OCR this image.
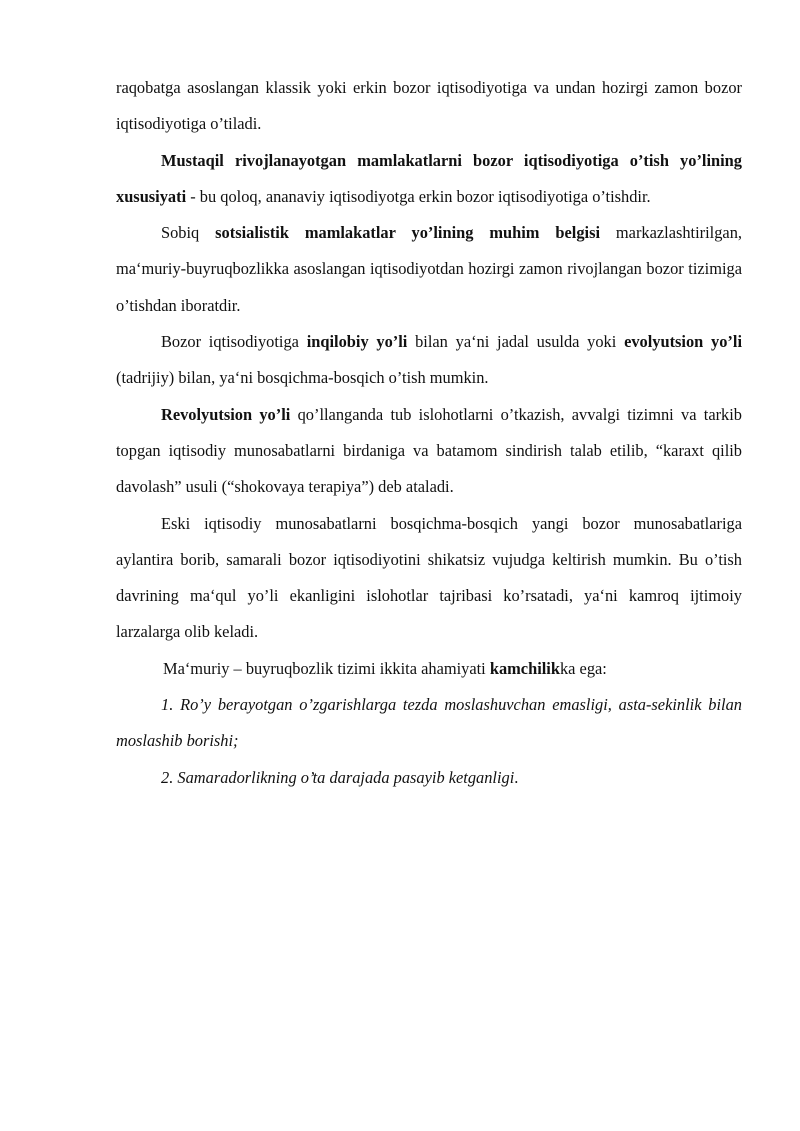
raqobatga asoslangan klassik yoki erkin bozor iqtisodiyotiga va undan hozirgi zamon bozor iqtisodiyotiga o’tiladi.

Mustaqil rivojlanayotgan mamlakatlarni bozor iqtisodiyotiga o’tish yo’lining xususiyati - bu qoloq, ananaviy iqtisodiyotga erkin bozor iqtisodiyotiga o’tishdir.

Sobiq sotsialistik mamlakatlar yo’lining muhim belgisi markazlashtirilgan, ma‘muriy-buyruqbozlikka asoslangan iqtisodiyotdan hozirgi zamon rivojlangan bozor tizimiga o’tishdan iboratdir.

Bozor iqtisodiyotiga inqilobiy yo’li bilan ya‘ni jadal usulda yoki evolyutsion yo’li (tadrijiy) bilan, ya‘ni bosqichma-bosqich o’tish mumkin.

Revolyutsion yo’li qo’llanganda tub islohotlarni o’tkazish, avvalgi tizimni va tarkib topgan iqtisodiy munosabatlarni birdaniga va batamom sindirish talab etilib, “karaxt qilib davolash” usuli (“shokovaya terapiya”) deb ataladi.

Eski iqtisodiy munosabatlarni bosqichma-bosqich yangi bozor munosabatlariga aylantira borib, samarali bozor iqtisodiyotini shikatsiz vujudga keltirish mumkin. Bu o’tish davrining ma‘qul yo’li ekanligini islohotlar tajribasi ko’rsatadi, ya‘ni kamroq ijtimoiy larzalarga olib keladi.

Ma‘muriy – buyruqbozlik tizimi ikkita ahamiyati kamchilikka ega:

1. Ro’y berayotgan o’zgarishlarga tezda moslashuvchan emasligi, asta-sekinlik bilan moslashib borishi;

2. Samaradorlikning o’ta darajada pasayib ketganligi.
